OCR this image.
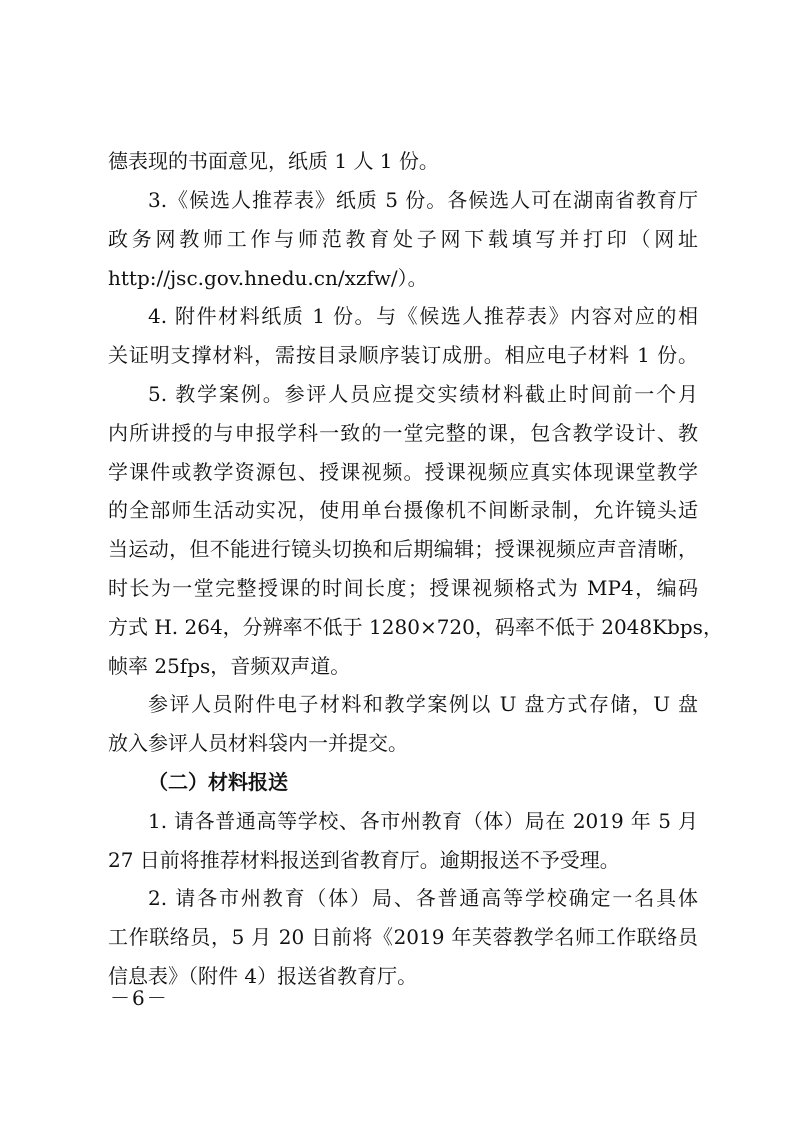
德表现的书面意见，纸质 1 人 1 份。
3.《候选人推荐表》纸质 5 份。各候选人可在湖南省教育厅
政务网教师工作与师范教育处子网下载填写并打印（网址
http://jsc.gov.hnedu.cn/xzfw/）。
4. 附件材料纸质 1 份。与《候选人推荐表》内容对应的相
关证明支撑材料，需按目录顺序装订成册。相应电子材料 1 份。
5. 教学案例。参评人员应提交实绩材料截止时间前一个月
内所讲授的与申报学科一致的一堂完整的课，包含教学设计、教
学课件或教学资源包、授课视频。授课视频应真实体现课堂教学
的全部师生活动实况，使用单台摄像机不间断录制，允许镜头适
当运动，但不能进行镜头切换和后期编辑；授课视频应声音清晰，
时长为一堂完整授课的时间长度；授课视频格式为 MP4，编码
方式 H. 264，分辨率不低于 1280×720，码率不低于 2048Kbps，
帧率 25fps，音频双声道。
参评人员附件电子材料和教学案例以 U 盘方式存储，U 盘
放入参评人员材料袋内一并提交。
（二）材料报送
1. 请各普通高等学校、各市州教育（体）局在 2019 年 5 月
27 日前将推荐材料报送到省教育厅。逾期报送不予受理。
2. 请各市州教育（体）局、各普通高等学校确定一名具体
工作联络员，5 月 20 日前将《2019 年芙蓉教学名师工作联络员
信息表》（附件 4）报送省教育厅。
－6－
